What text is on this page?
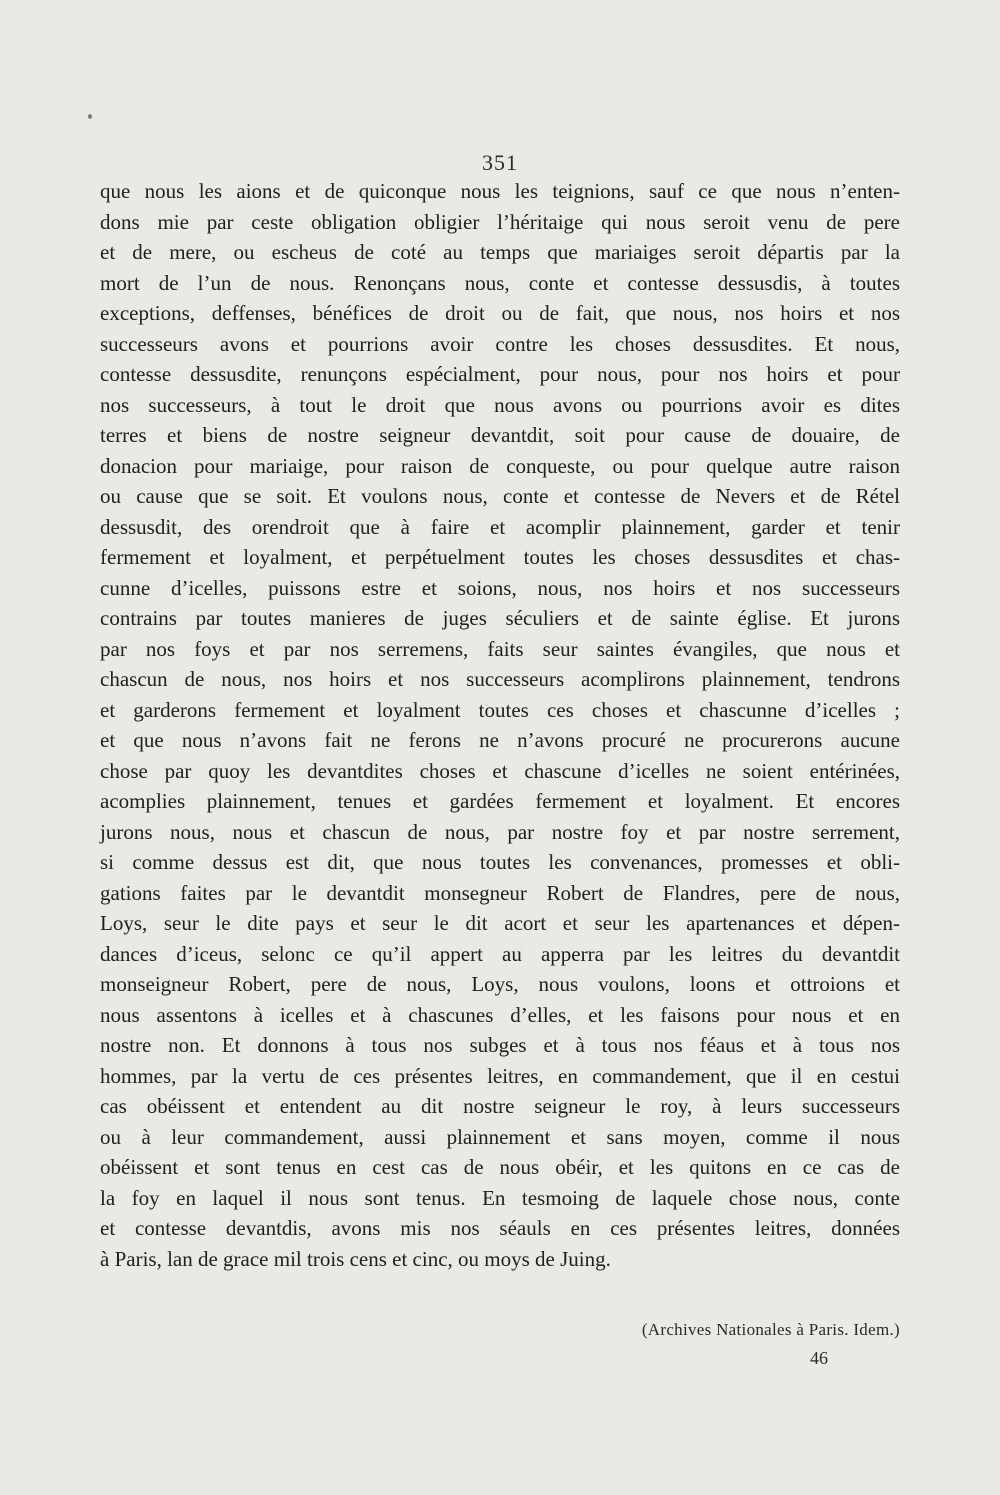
351
que nous les aions et de quiconque nous les teignions, sauf ce que nous n’enten-
dons mie par ceste obligation obligier l’héritaige qui nous seroit venu de pere
et de mere, ou escheus de coté au temps que mariaiges seroit départis par la
mort de l’un de nous. Renonçans nous, conte et contesse dessusdis, à toutes
exceptions, deffenses, bénéfices de droit ou de fait, que nous, nos hoirs et nos
successeurs avons et pourrions avoir contre les choses dessusdites. Et nous,
contesse dessusdite, renunçons espécialment, pour nous, pour nos hoirs et pour
nos successeurs, à tout le droit que nous avons ou pourrions avoir es dites
terres et biens de nostre seigneur devantdit, soit pour cause de douaire, de
donacion pour mariaige, pour raison de conqueste, ou pour quelque autre raison
ou cause que se soit. Et voulons nous, conte et contesse de Nevers et de Rétel
dessusdit, des orendroit que à faire et acomplir plainnement, garder et tenir
fermement et loyalment, et perpétuelment toutes les choses dessusdites et chas-
cunne d’icelles, puissons estre et soions, nous, nos hoirs et nos successeurs
contrains par toutes manieres de juges séculiers et de sainte église. Et jurons
par nos foys et par nos serremens, faits seur saintes évangiles, que nous et
chascun de nous, nos hoirs et nos successeurs acomplirons plainnement, tendrons
et garderons fermement et loyalment toutes ces choses et chascunne d’icelles ;
et que nous n’avons fait ne ferons ne n’avons procuré ne procurerons aucune
chose par quoy les devantdites choses et chascune d’icelles ne soient entérinées,
acomplies plainnement, tenues et gardées fermement et loyalment. Et encores
jurons nous, nous et chascun de nous, par nostre foy et par nostre serrement,
si comme dessus est dit, que nous toutes les convenances, promesses et obli-
gations faites par le devantdit monsegneur Robert de Flandres, pere de nous,
Loys, seur le dite pays et seur le dit acort et seur les apartenances et dépen-
dances d’iceus, selonc ce qu’il appert au apperra par les leitres du devantdit
monseigneur Robert, pere de nous, Loys, nous voulons, loons et ottroions et
nous assentons à icelles et à chascunes d’elles, et les faisons pour nous et en
nostre non. Et donnons à tous nos subges et à tous nos féaus et à tous nos
hommes, par la vertu de ces présentes leitres, en commandement, que il en cestui
cas obéissent et entendent au dit nostre seigneur le roy, à leurs successeurs
ou à leur commandement, aussi plainnement et sans moyen, comme il nous
obéissent et sont tenus en cest cas de nous obéir, et les quitons en ce cas de
la foy en laquel il nous sont tenus. En tesmoing de laquele chose nous, conte
et contesse devantdis, avons mis nos séauls en ces présentes leitres, données
à Paris, lan de grace mil trois cens et cinc, ou moys de Juing.
(Archives Nationales à Paris. Idem.)
46
